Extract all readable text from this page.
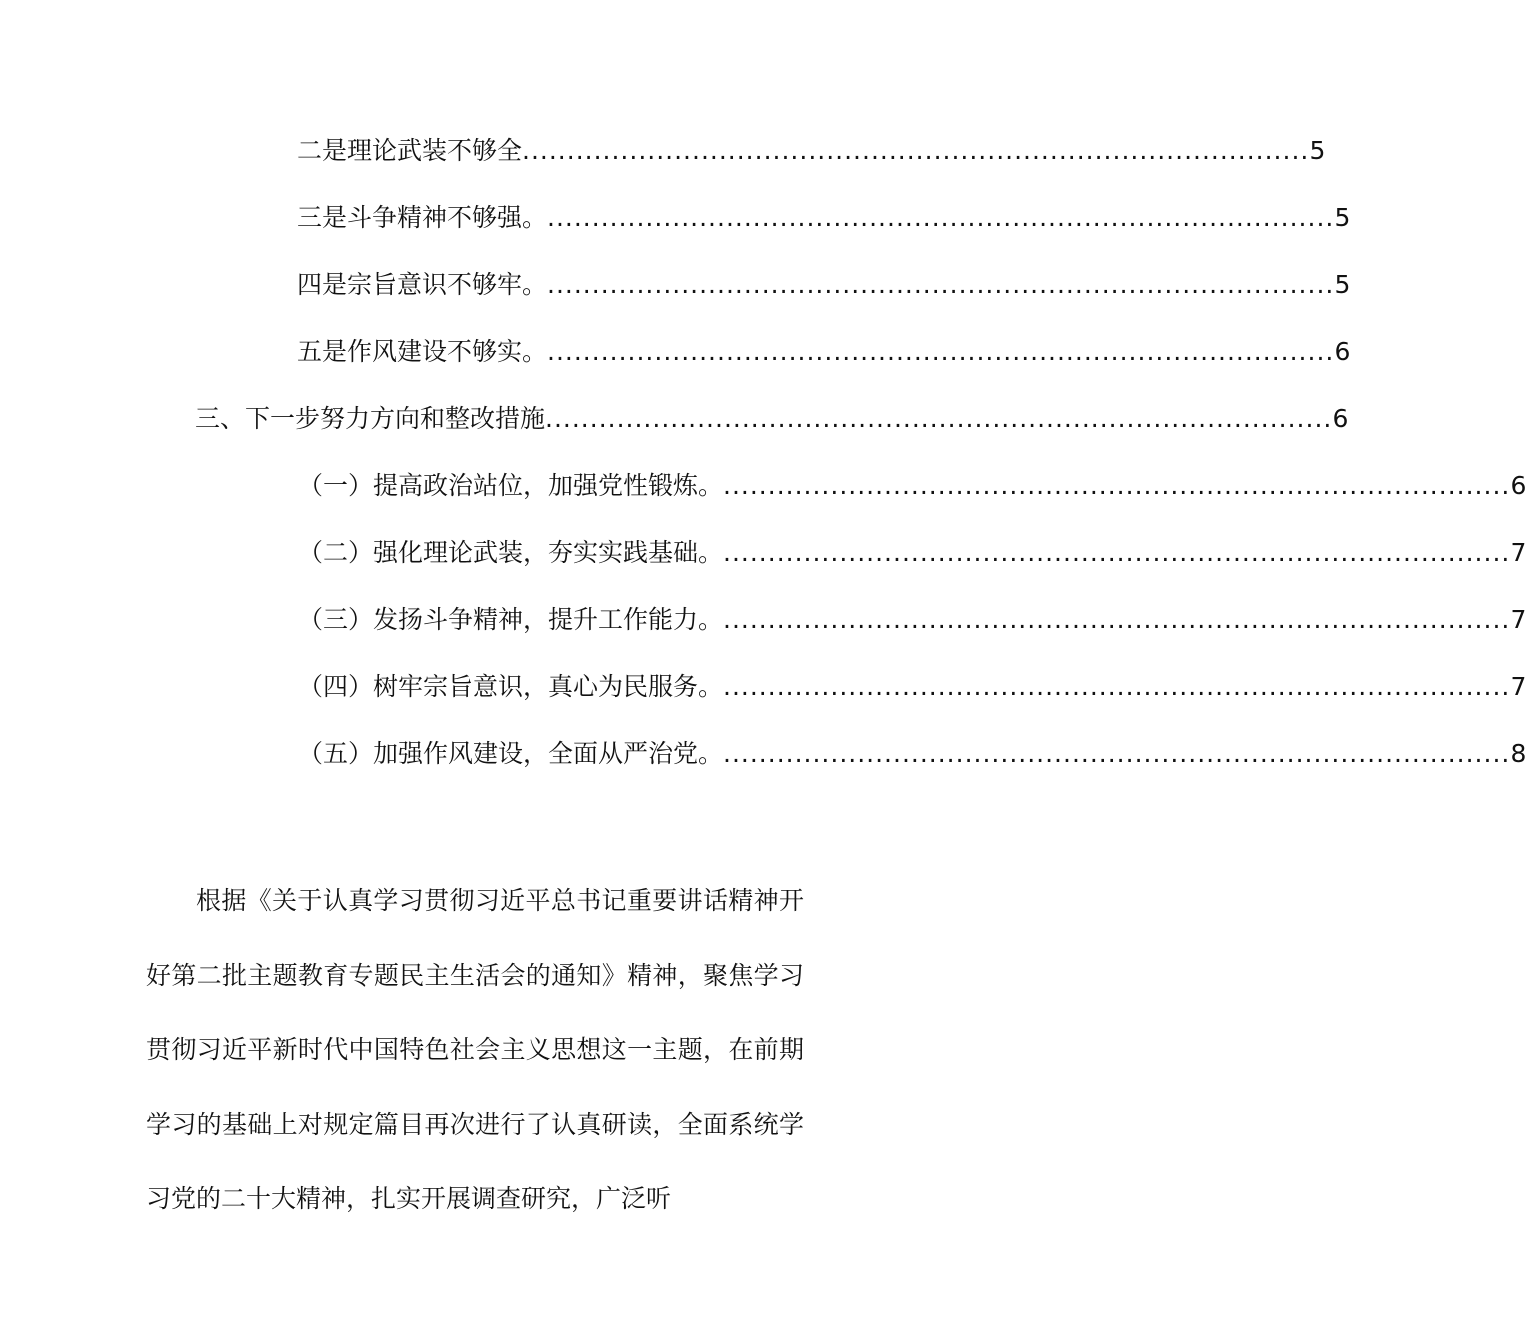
二是理论武装不够全 ........................................................................................ 5
三是斗争精神不够强。 ........................................................................................ 5
四是宗旨意识不够牢。 ........................................................................................ 5
五是作风建设不够实。 ........................................................................................ 6
三、下一步努力方向和整改措施 ........................................................................................ 6
（一）提高政治站位，加强党性锻炼。 ........................................................................................ 6
（二）强化理论武装，夯实实践基础。 ........................................................................................ 7
（三）发扬斗争精神，提升工作能力。 ........................................................................................ 7
（四）树牢宗旨意识，真心为民服务。 ........................................................................................ 7
（五）加强作风建设，全面从严治党。 ........................................................................................ 8

根据《关于认真学习贯彻习近平总书记重要讲话精神开好第二批主题教育专题民主生活会的通知》精神，聚焦学习贯彻习近平新时代中国特色社会主义思想这一主题，在前期学习的基础上对规定篇目再次进行了认真研读，全面系统学习党的二十大精神，扎实开展调查研究，广泛听
